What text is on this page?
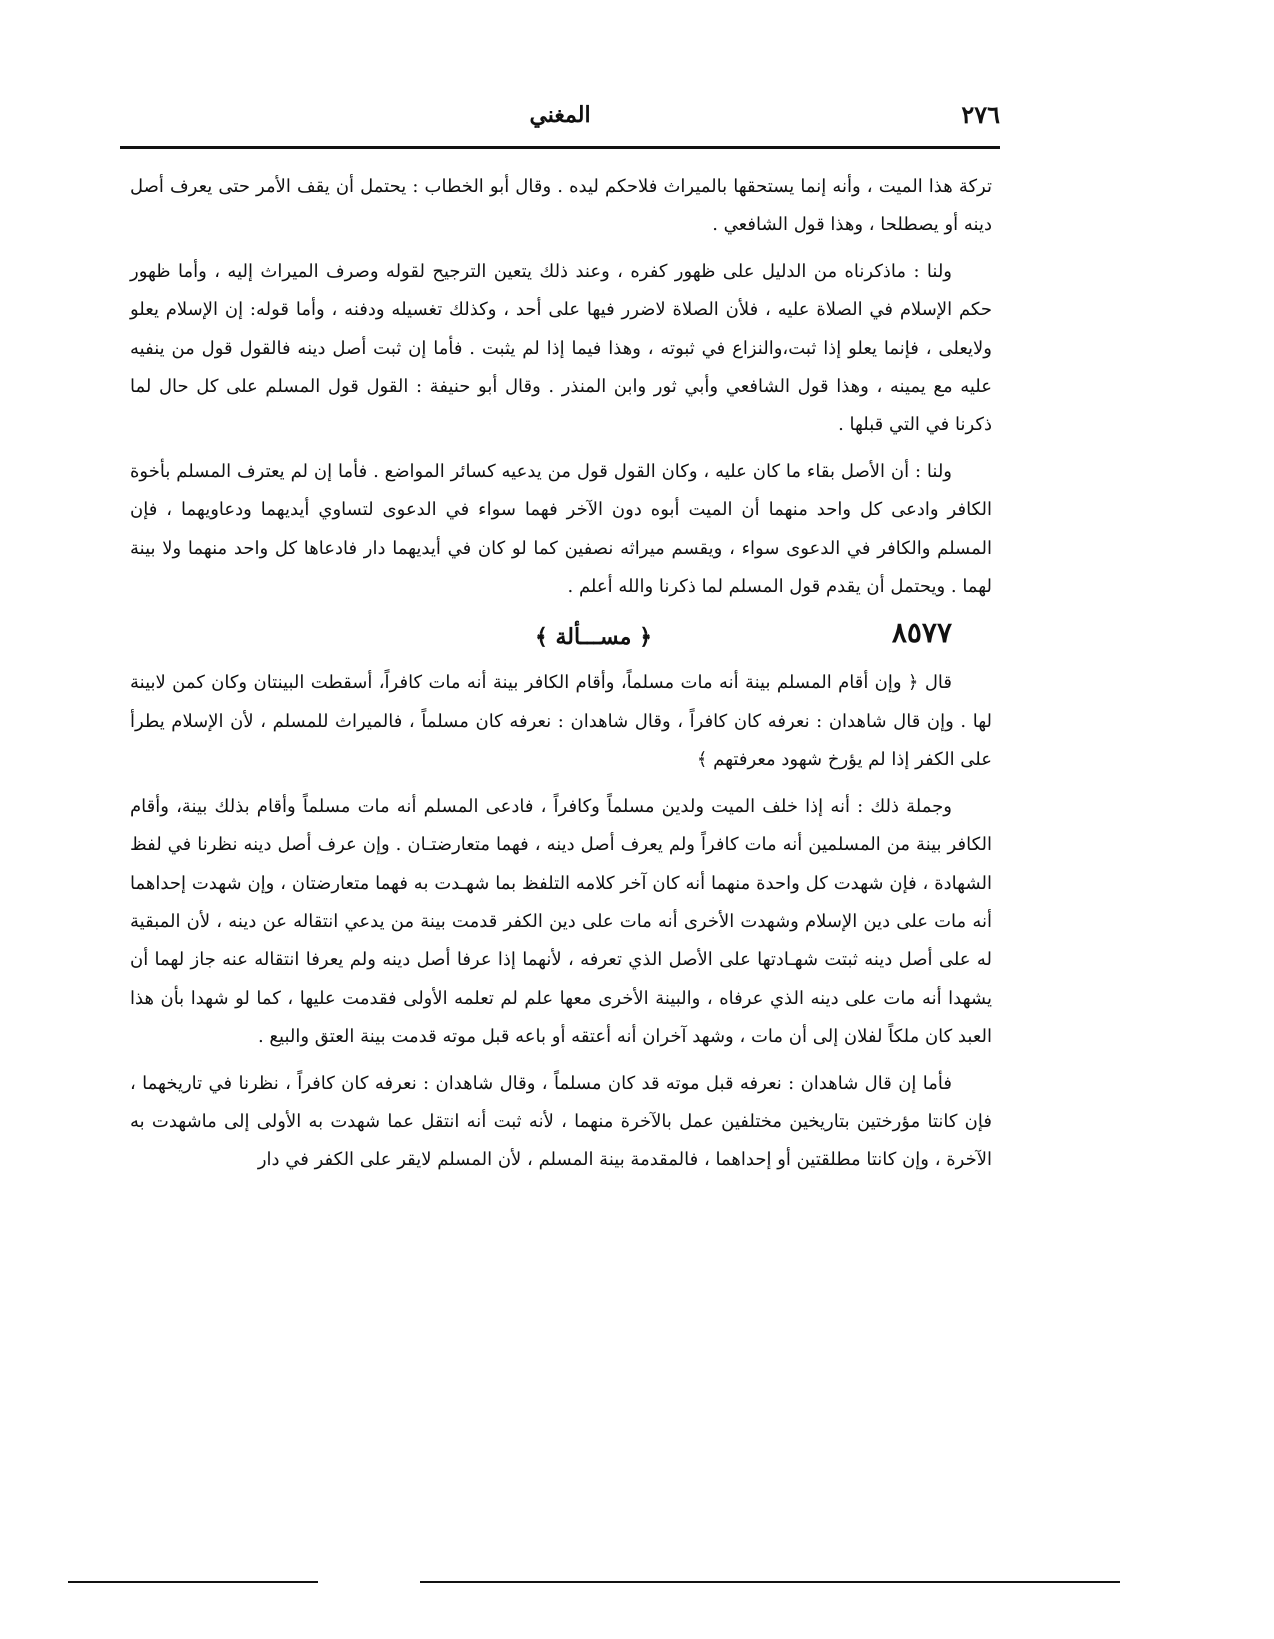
٢٧٦
المغني

تركة هذا الميت ، وأنه إنما يستحقها بالميراث فلاحكم ليده . وقال أبو الخطاب : يحتمل أن يقف الأمر حتى يعرف أصل دينه أو يصطلحا ، وهذا قول الشافعي .

ولنا : ماذكرناه من الدليل على ظهور كفره ، وعند ذلك يتعين الترجيح لقوله وصرف الميراث إليه ، وأما ظهور حكم الإسلام في الصلاة عليه ، فلأن الصلاة لاضرر فيها على أحد ، وكذلك تغسيله ودفنه ، وأما قوله: إن الإسلام يعلو ولايعلى ، فإنما يعلو إذا ثبت،والنزاع في ثبوته ، وهذا فيما إذا لم يثبت . فأما إن ثبت أصل دينه فالقول قول من ينفيه عليه مع يمينه ، وهذا قول الشافعي وأبي ثور وابن المنذر . وقال أبو حنيفة : القول قول المسلم على كل حال لما ذكرنا في التي قبلها .

ولنا : أن الأصل بقاء ما كان عليه ، وكان القول قول من يدعيه كسائر المواضع . فأما إن لم يعترف المسلم بأخوة الكافر وادعى كل واحد منهما أن الميت أبوه دون الآخر فهما سواء في الدعوى لتساوي أيديهما ودعاويهما ، فإن المسلم والكافر في الدعوى سواء ، ويقسم ميراثه نصفين كما لو كان في أيديهما دار فادعاها كل واحد منهما ولا بينة لهما . ويحتمل أن يقدم قول المسلم لما ذكرنا والله أعلم .

٨٥٧٧
﴿ مســـألة ﴾

قال ﴿ وإن أقام المسلم بينة أنه مات مسلماً، وأقام الكافر بينة أنه مات كافراً، أسقطت البينتان وكان كمن لابينة لها . وإن قال شاهدان : نعرفه كان كافراً ، وقال شاهدان : نعرفه كان مسلماً ، فالميراث للمسلم ، لأن الإسلام يطرأ على الكفر إذا لم يؤرخ شهود معرفتهم ﴾

وجملة ذلك : أنه إذا خلف الميت ولدين مسلماً وكافراً ، فادعى المسلم أنه مات مسلماً وأقام بذلك بينة، وأقام الكافر بينة من المسلمين أنه مات كافراً ولم يعرف أصل دينه ، فهما متعارضتـان . وإن عرف أصل دينه نظرنا في لفظ الشهادة ، فإن شهدت كل واحدة منهما أنه كان آخر كلامه التلفظ بما شهـدت به فهما متعارضتان ، وإن شهدت إحداهما أنه مات على دين الإسلام وشهدت الأخرى أنه مات على دين الكفر قدمت بينة من يدعي انتقاله عن دينه ، لأن المبقية له على أصل دينه ثبتت شهـادتها على الأصل الذي تعرفه ، لأنهما إذا عرفا أصل دينه ولم يعرفا انتقاله عنه جاز لهما أن يشهدا أنه مات على دينه الذي عرفاه ، والبينة الأخرى معها علم لم تعلمه الأولى فقدمت عليها ، كما لو شهدا بأن هذا العبد كان ملكاً لفلان إلى أن مات ، وشهد آخران أنه أعتقه أو باعه قبل موته قدمت بينة العتق والبيع .

فأما إن قال شاهدان : نعرفه قبل موته قد كان مسلماً ، وقال شاهدان : نعرفه كان كافراً ، نظرنا في تاريخهما ، فإن كانتا مؤرختين بتاريخين مختلفين عمل بالآخرة منهما ، لأنه ثبت أنه انتقل عما شهدت به الأولى إلى ماشهدت به الآخرة ، وإن كانتا مطلقتين أو إحداهما ، فالمقدمة بينة المسلم ، لأن المسلم لايقر على الكفر في دار
